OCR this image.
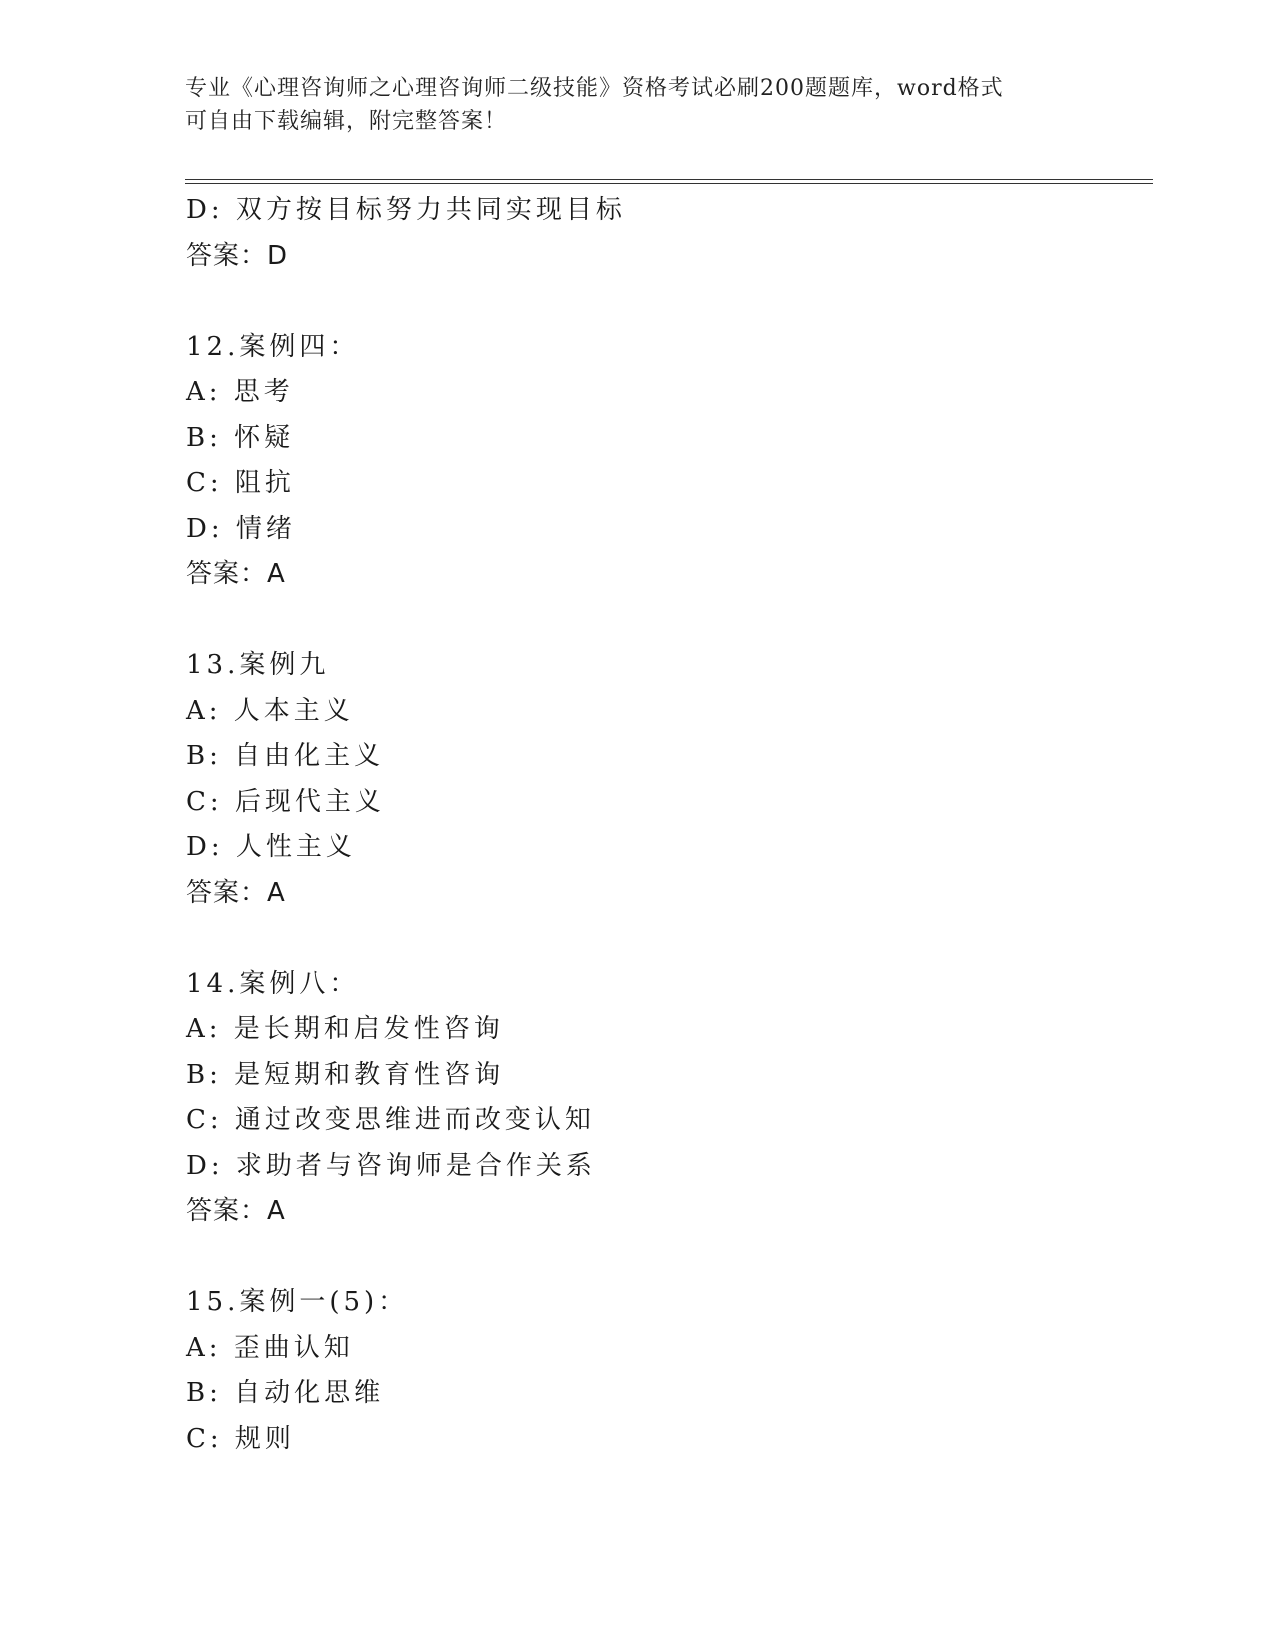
专业《心理咨询师之心理咨询师二级技能》资格考试必刷200题题库，word格式
可自由下载编辑，附完整答案！
D: 双方按目标努力共同实现目标
答案：D
12.案例四：
A: 思考
B: 怀疑
C: 阻抗
D: 情绪
答案：A
13.案例九
A: 人本主义
B: 自由化主义
C: 后现代主义
D: 人性主义
答案：A
14.案例八：
A: 是长期和启发性咨询
B: 是短期和教育性咨询
C: 通过改变思维进而改变认知
D: 求助者与咨询师是合作关系
答案：A
15.案例一(5)：
A: 歪曲认知
B: 自动化思维
C: 规则
